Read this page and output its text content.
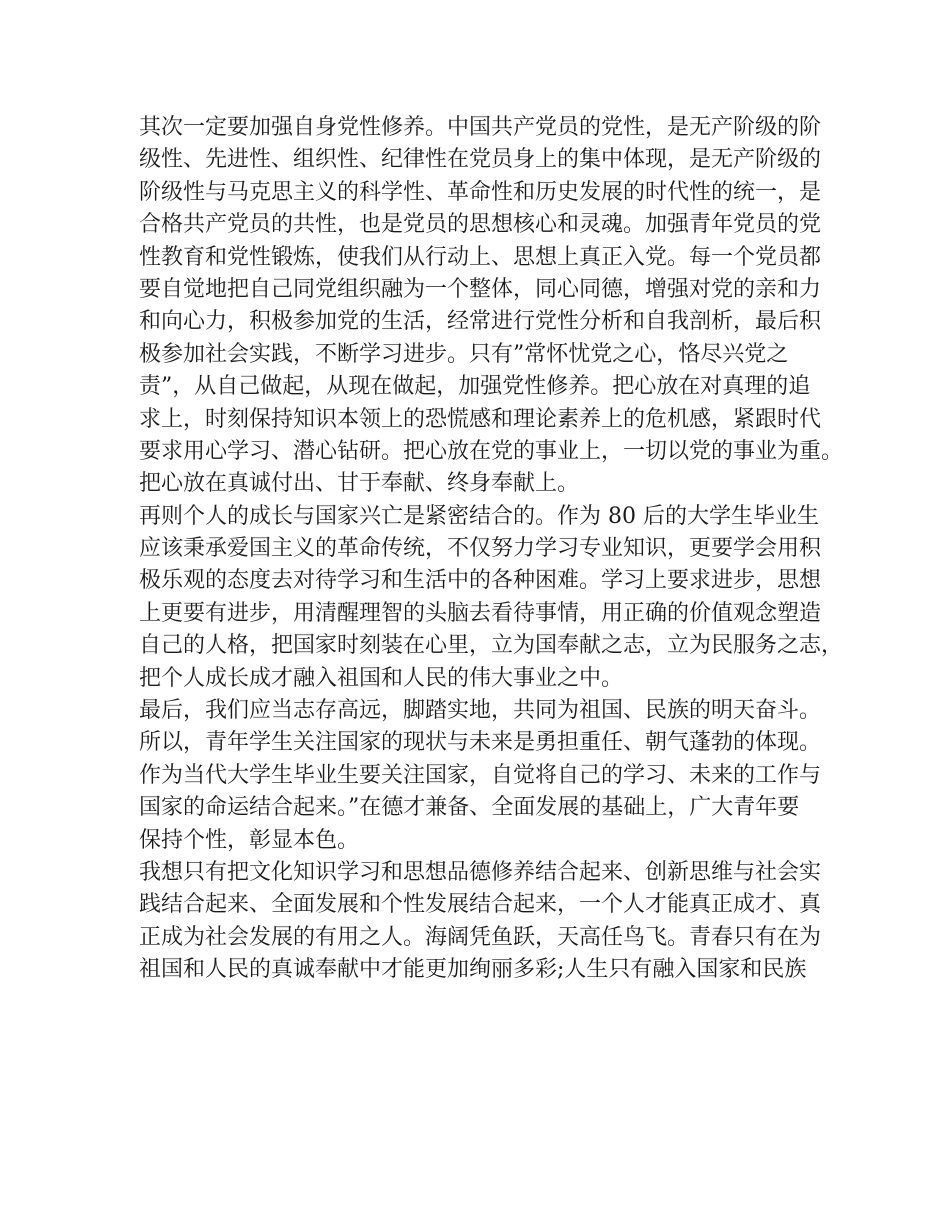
其次一定要加强自身党性修养。中国共产党员的党性，是无产阶级的阶
级性、先进性、组织性、纪律性在党员身上的集中体现，是无产阶级的
阶级性与马克思主义的科学性、革命性和历史发展的时代性的统一，是
合格共产党员的共性，也是党员的思想核心和灵魂。加强青年党员的党
性教育和党性锻炼，使我们从行动上、思想上真正入党。每一个党员都
要自觉地把自己同党组织融为一个整体，同心同德，增强对党的亲和力
和向心力，积极参加党的生活，经常进行党性分析和自我剖析，最后积
极参加社会实践，不断学习进步。只有”常怀忧党之心，恪尽兴党之
责”，从自己做起，从现在做起，加强党性修养。把心放在对真理的追
求上，时刻保持知识本领上的恐慌感和理论素养上的危机感，紧跟时代
要求用心学习、潜心钻研。把心放在党的事业上，一切以党的事业为重。
把心放在真诚付出、甘于奉献、终身奉献上。
再则个人的成长与国家兴亡是紧密结合的。作为 80 后的大学生毕业生
应该秉承爱国主义的革命传统，不仅努力学习专业知识，更要学会用积
极乐观的态度去对待学习和生活中的各种困难。学习上要求进步，思想
上更要有进步，用清醒理智的头脑去看待事情，用正确的价值观念塑造
自己的人格，把国家时刻装在心里，立为国奉献之志，立为民服务之志，
把个人成长成才融入祖国和人民的伟大事业之中。
最后，我们应当志存高远，脚踏实地，共同为祖国、民族的明天奋斗。
所以，青年学生关注国家的现状与未来是勇担重任、朝气蓬勃的体现。
作为当代大学生毕业生要关注国家，自觉将自己的学习、未来的工作与
国家的命运结合起来。”在德才兼备、全面发展的基础上，广大青年要
保持个性，彰显本色。
我想只有把文化知识学习和思想品德修养结合起来、创新思维与社会实
践结合起来、全面发展和个性发展结合起来，一个人才能真正成才、真
正成为社会发展的有用之人。海阔凭鱼跃，天高任鸟飞。青春只有在为
祖国和人民的真诚奉献中才能更加绚丽多彩;人生只有融入国家和民族
